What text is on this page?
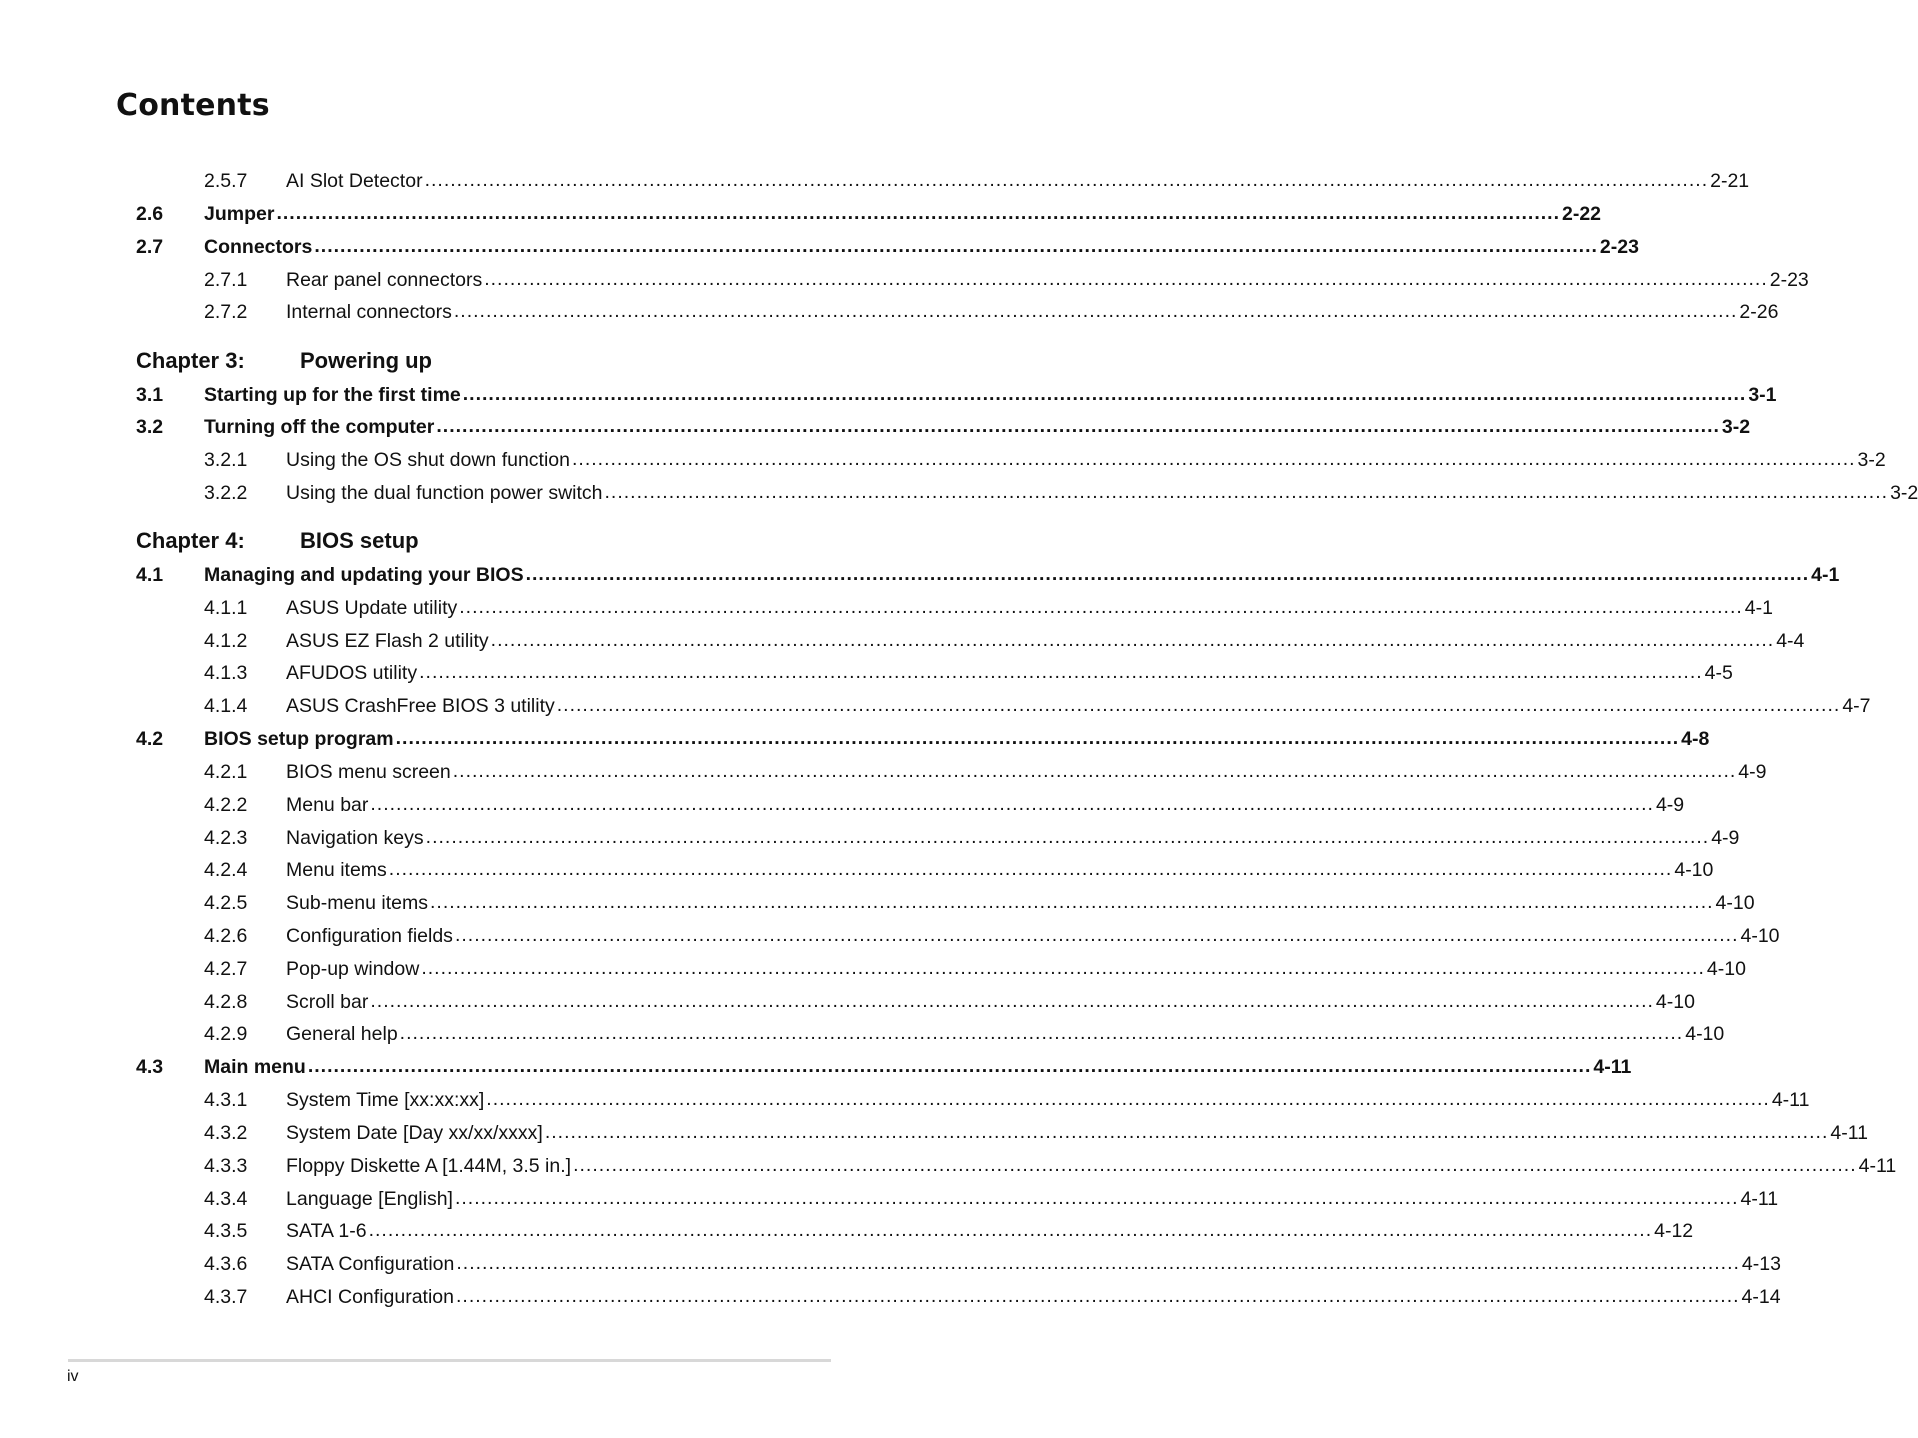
Contents
2.5.7	AI Slot Detector ........................................................................................................................................................................................................ 2-21
2.6	Jumper ........................................................................................................................................................................................................ 2-22
2.7	Connectors ........................................................................................................................................................................................................ 2-23
2.7.1	Rear panel connectors ........................................................................................................................................................................................................ 2-23
2.7.2	Internal connectors ........................................................................................................................................................................................................ 2-26
Chapter 3:	Powering up
3.1	Starting up for the first time ........................................................................................................................................................................................................ 3-1
3.2	Turning off the computer ........................................................................................................................................................................................................ 3-2
3.2.1	Using the OS shut down function ........................................................................................................................................................................................................ 3-2
3.2.2	Using the dual function power switch ........................................................................................................................................................................................................ 3-2
Chapter 4:	BIOS setup
4.1	Managing and updating your BIOS ........................................................................................................................................................................................................ 4-1
4.1.1	ASUS Update utility ........................................................................................................................................................................................................ 4-1
4.1.2	ASUS EZ Flash 2 utility ........................................................................................................................................................................................................ 4-4
4.1.3	AFUDOS utility ........................................................................................................................................................................................................ 4-5
4.1.4	ASUS CrashFree BIOS 3 utility ........................................................................................................................................................................................................ 4-7
4.2	BIOS setup program ........................................................................................................................................................................................................ 4-8
4.2.1	BIOS menu screen ........................................................................................................................................................................................................ 4-9
4.2.2	Menu bar ........................................................................................................................................................................................................ 4-9
4.2.3	Navigation keys ........................................................................................................................................................................................................ 4-9
4.2.4	Menu items ........................................................................................................................................................................................................ 4-10
4.2.5	Sub-menu items ........................................................................................................................................................................................................ 4-10
4.2.6	Configuration fields ........................................................................................................................................................................................................ 4-10
4.2.7	Pop-up window ........................................................................................................................................................................................................ 4-10
4.2.8	Scroll bar ........................................................................................................................................................................................................ 4-10
4.2.9	General help ........................................................................................................................................................................................................ 4-10
4.3	Main menu ........................................................................................................................................................................................................ 4-11
4.3.1	System Time [xx:xx:xx] ........................................................................................................................................................................................................ 4-11
4.3.2	System Date [Day xx/xx/xxxx] ........................................................................................................................................................................................................ 4-11
4.3.3	Floppy Diskette A [1.44M, 3.5 in.] ........................................................................................................................................................................................................ 4-11
4.3.4	Language [English] ........................................................................................................................................................................................................ 4-11
4.3.5	SATA 1-6 ........................................................................................................................................................................................................ 4-12
4.3.6	SATA Configuration ........................................................................................................................................................................................................ 4-13
4.3.7	AHCI Configuration ........................................................................................................................................................................................................ 4-14
iv
